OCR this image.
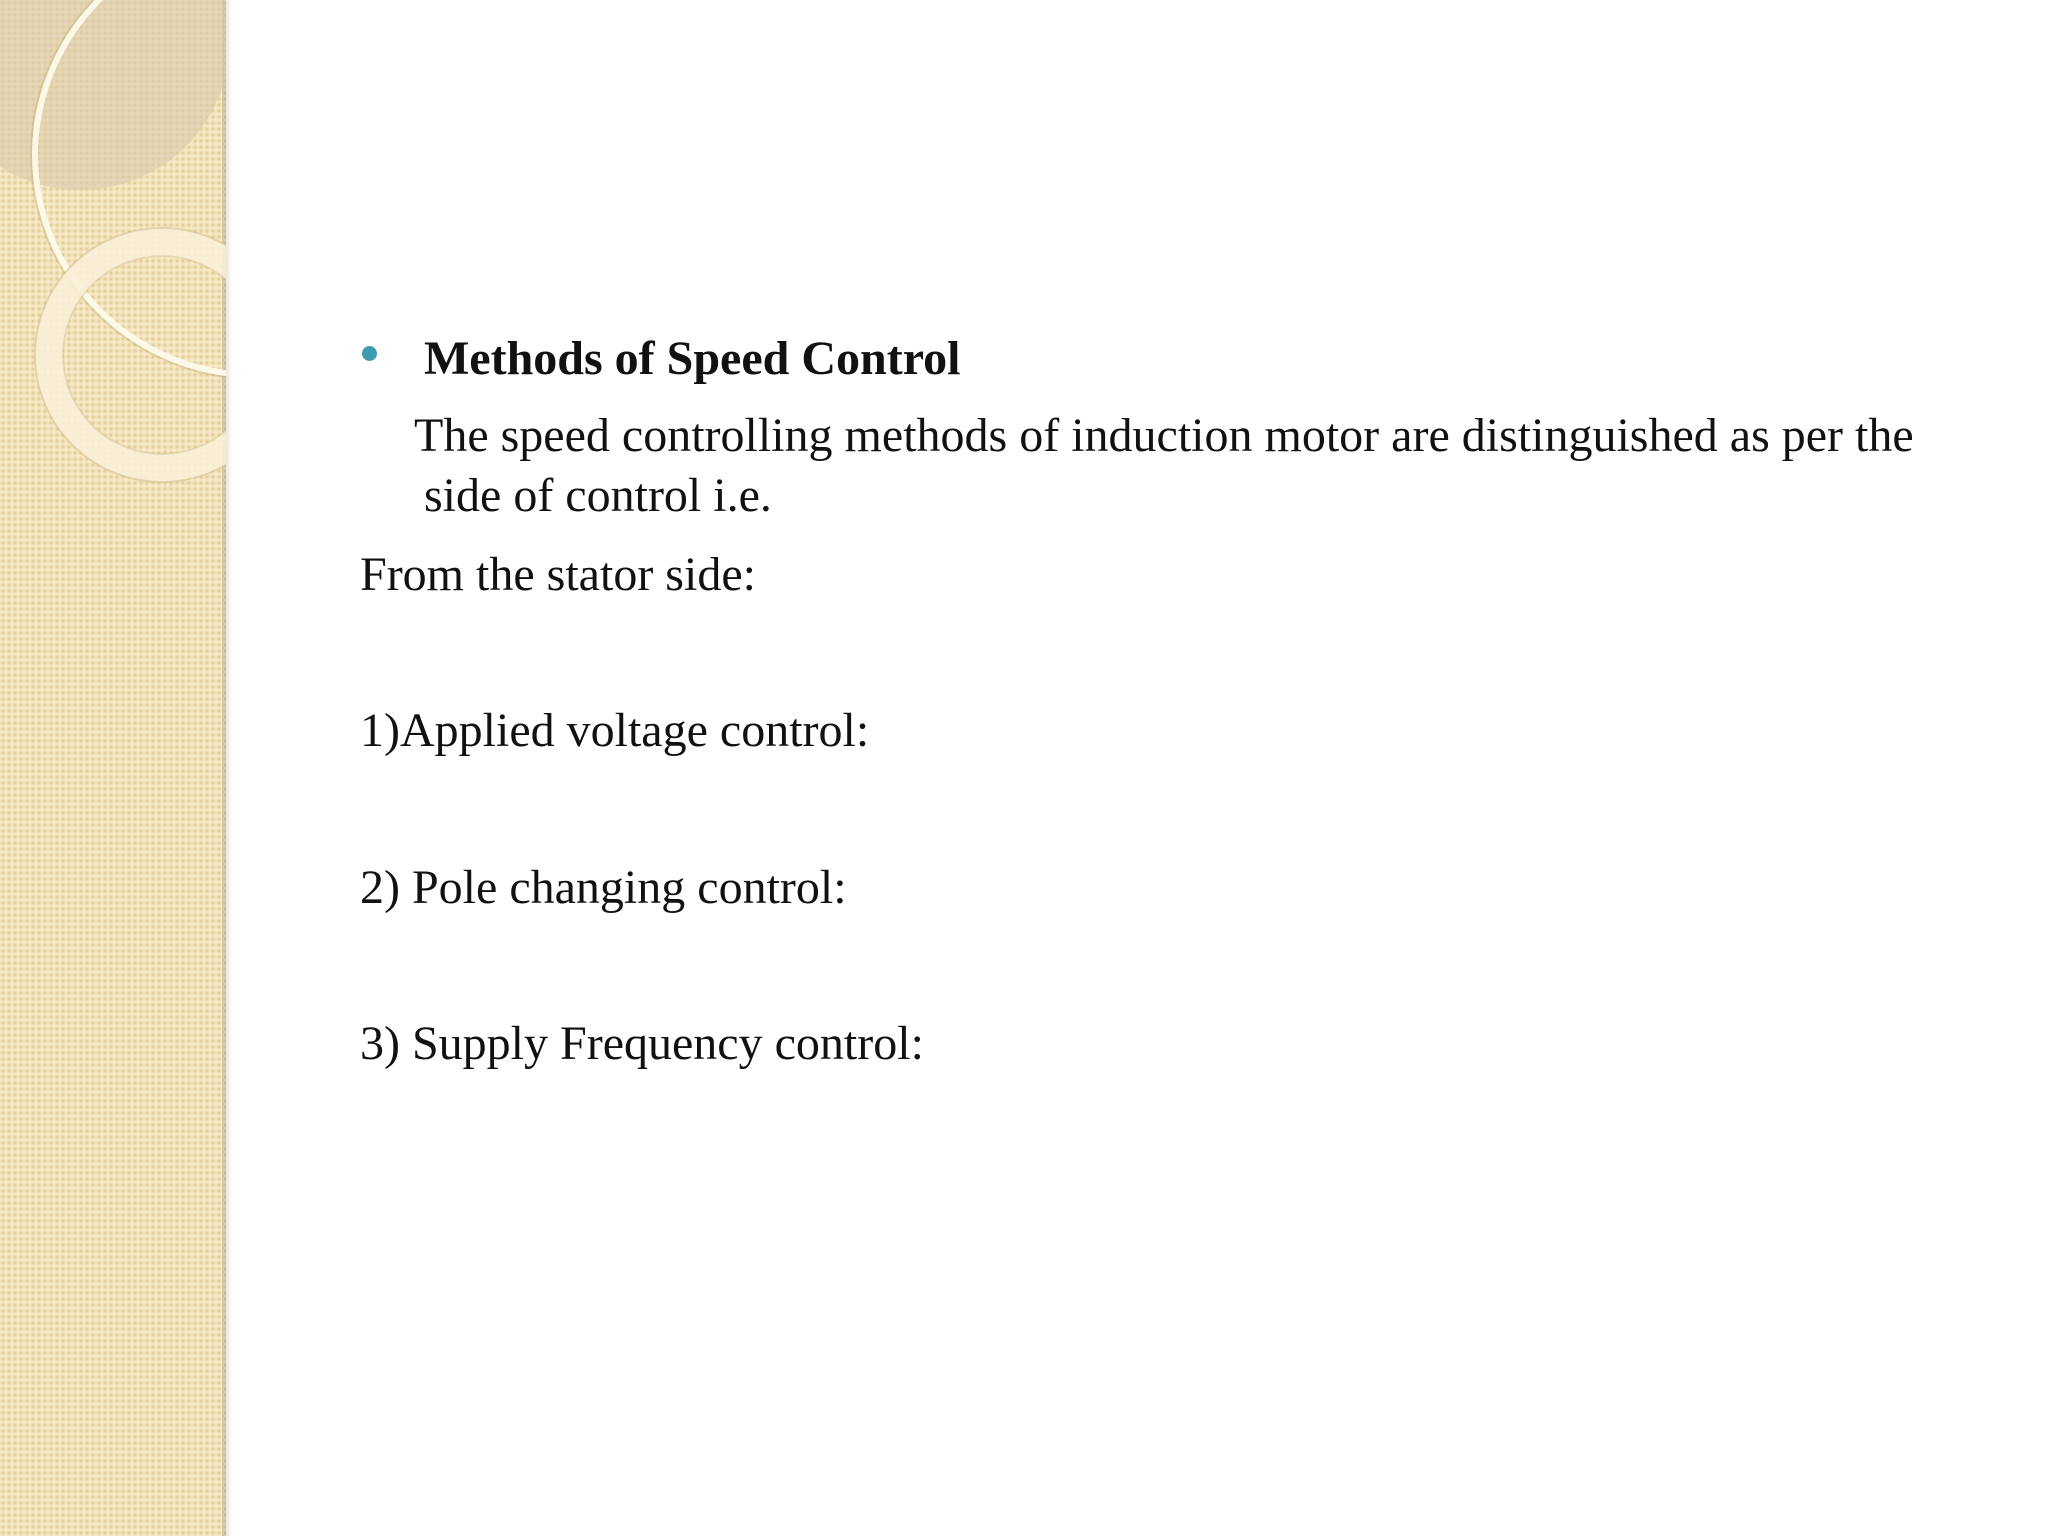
Methods of Speed Control
The speed controlling methods of induction motor are distinguished as per the side of control i.e.
From the stator side:
1)Applied voltage control:
2) Pole changing control:
3) Supply Frequency control:
